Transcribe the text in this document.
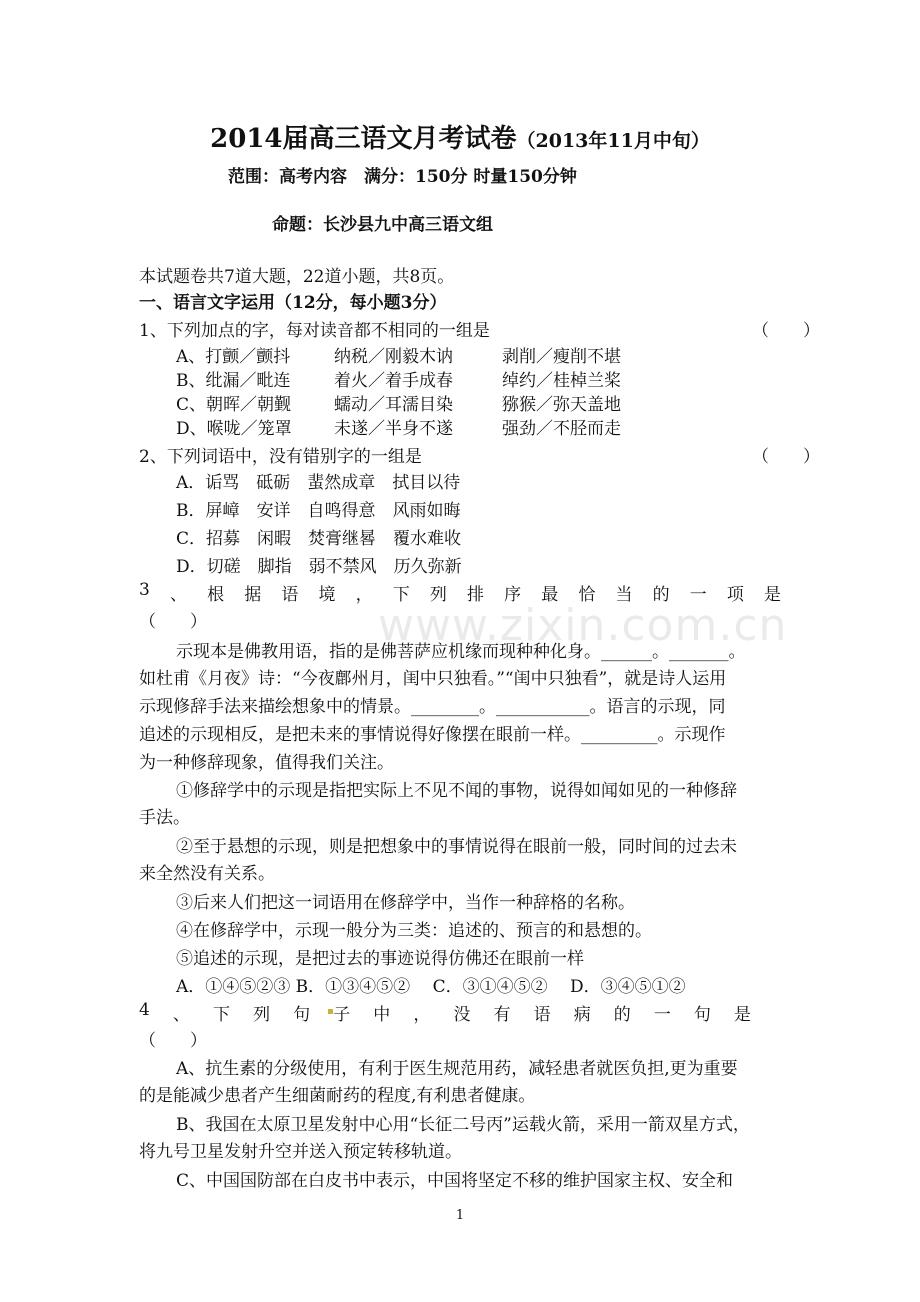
2014届高三语文月考试卷（2013年11月中旬）
范围：高考内容　满分：150分 时量150分钟
命题：长沙县九中高三语文组
本试题卷共7道大题，22道小题，共8页。
一、语言文字运用（12分，每小题3分）
1、下列加点的字，每对读音都不相同的一组是	（　　）
A、打颤／颤抖	纳税／刚毅木讷	剥削／瘦削不堪
B、纰漏／毗连	着火／着手成春	绰约／桂棹兰桨
C、朝晖／朝觐	蠕动／耳濡目染	猕猴／弥天盖地
D、喉咙／笼罩 未遂／半身不遂	强劲／不胫而走
2、下列词语中，没有错别字的一组是	（　　）
A．诟骂　砥砺　蜚然成章　拭目以待
B．屏嶂　安详　自鸣得意　风雨如晦
C．招募　闲暇　焚膏继晷　覆水难收
D．切磋　脚指　弱不禁风　历久弥新
3 、 根 据 语 境 ， 下 列 排 序 最 恰 当 的 一 项 是
（　　）
示现本是佛教用语，指的是佛菩萨应机缘而现种种化身。______。_______。
如杜甫《月夜》诗：“今夜鄜州月，闺中只独看。”“闺中只独看”，就是诗人运用
示现修辞手法来描绘想象中的情景。________。___________。语言的示现，同
追述的示现相反，是把未来的事情说得好像摆在眼前一样。_________。示现作
为一种修辞现象，值得我们关注。
①修辞学中的示现是指把实际上不见不闻的事物，说得如闻如见的一种修辞
手法。
②至于悬想的示现，则是把想象中的事情说得在眼前一般，同时间的过去未
来全然没有关系。
③后来人们把这一词语用在修辞学中，当作一种辞格的名称。
④在修辞学中，示现一般分为三类：追述的、预言的和悬想的。
⑤追述的示现，是把过去的事迹说得仿佛还在眼前一样
A．①④⑤②③ B．①③④⑤②　 C．③①④⑤②　 D．③④⑤①②
4 、 下 列 句 子 中 ， 没 有 语 病 的 一 句 是
（　　）
A、抗生素的分级使用，有利于医生规范用药，减轻患者就医负担,更为重要
的是能减少患者产生细菌耐药的程度,有利患者健康。
B、我国在太原卫星发射中心用“长征二号丙”运载火箭，采用一箭双星方式，
将九号卫星发射升空并送入预定转移轨道。
C、中国国防部在白皮书中表示，中国将坚定不移的维护国家主权、安全和
www.zixin.com.cn
1
